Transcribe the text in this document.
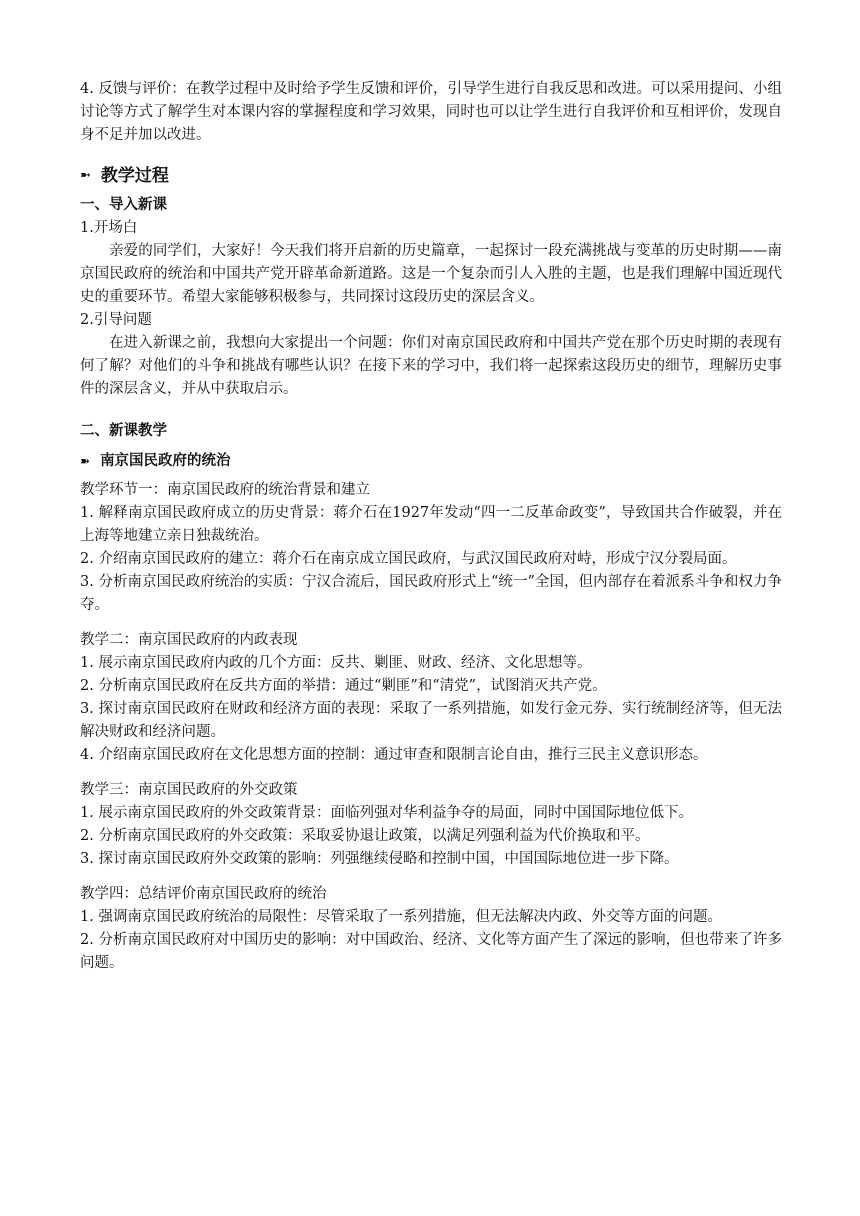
4. 反馈与评价：在教学过程中及时给予学生反馈和评价，引导学生进行自我反思和改进。可以采用提问、小组讨论等方式了解学生对本课内容的掌握程度和学习效果，同时也可以让学生进行自我评价和互相评价，发现自身不足并加以改进。

➼ 教学过程
一、导入新课

1.开场白

亲爱的同学们，大家好！今天我们将开启新的历史篇章，一起探讨一段充满挑战与变革的历史时期——南京国民政府的统治和中国共产党开辟革命新道路。这是一个复杂而引人入胜的主题，也是我们理解中国近现代史的重要环节。希望大家能够积极参与，共同探讨这段历史的深层含义。

2.引导问题

在进入新课之前，我想向大家提出一个问题：你们对南京国民政府和中国共产党在那个历史时期的表现有何了解？对他们的斗争和挑战有哪些认识？在接下来的学习中，我们将一起探索这段历史的细节，理解历史事件的深层含义，并从中获取启示。

二、新课教学
➽ 南京国民政府的统治

教学环节一：南京国民政府的统治背景和建立

1. 解释南京国民政府成立的历史背景：蒋介石在1927年发动“四一二反革命政变”，导致国共合作破裂，并在上海等地建立亲日独裁统治。

2. 介绍南京国民政府的建立：蒋介石在南京成立国民政府，与武汉国民政府对峙，形成宁汉分裂局面。

3. 分析南京国民政府统治的实质：宁汉合流后，国民政府形式上“统一”全国，但内部存在着派系斗争和权力争夺。

教学二：南京国民政府的内政表现

1. 展示南京国民政府内政的几个方面：反共、剿匪、财政、经济、文化思想等。

2. 分析南京国民政府在反共方面的举措：通过“剿匪”和“清党”，试图消灭共产党。

3. 探讨南京国民政府在财政和经济方面的表现：采取了一系列措施，如发行金元券、实行统制经济等，但无法解决财政和经济问题。

4. 介绍南京国民政府在文化思想方面的控制：通过审查和限制言论自由，推行三民主义意识形态。

教学三：南京国民政府的外交政策

1. 展示南京国民政府的外交政策背景：面临列强对华利益争夺的局面，同时中国国际地位低下。

2. 分析南京国民政府的外交政策：采取妥协退让政策，以满足列强利益为代价换取和平。

3. 探讨南京国民政府外交政策的影响：列强继续侵略和控制中国，中国国际地位进一步下降。

教学四：总结评价南京国民政府的统治

1. 强调南京国民政府统治的局限性：尽管采取了一系列措施，但无法解决内政、外交等方面的问题。

2. 分析南京国民政府对中国历史的影响：对中国政治、经济、文化等方面产生了深远的影响，但也带来了许多问题。
